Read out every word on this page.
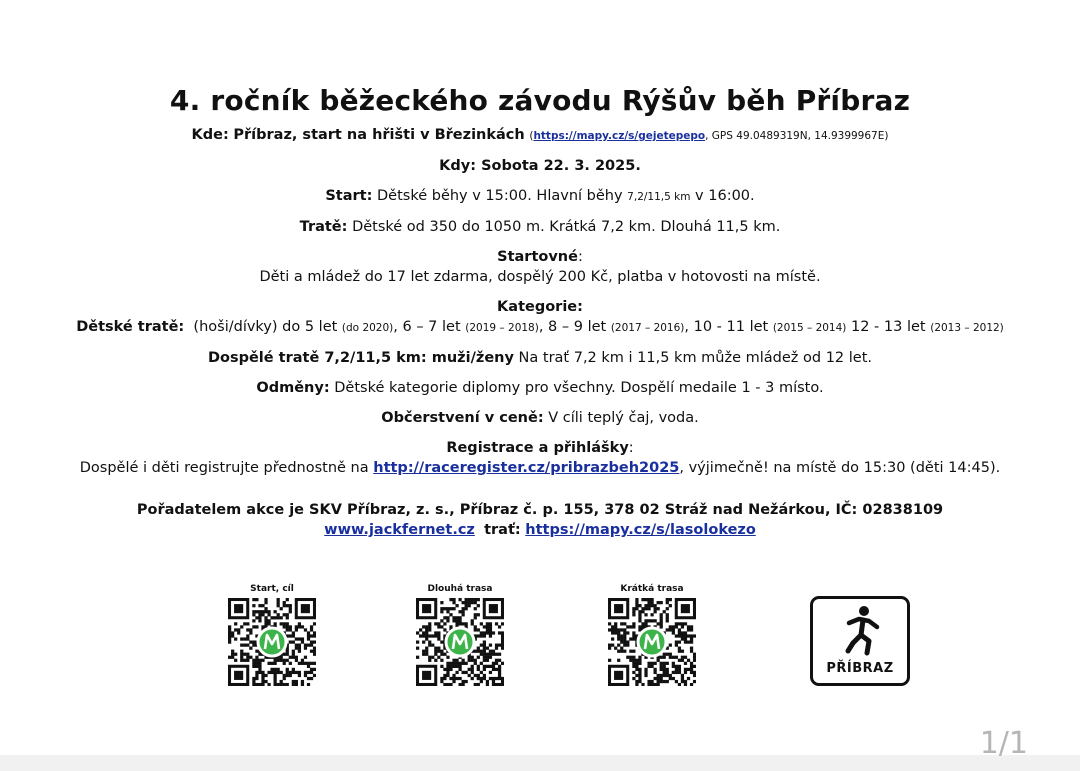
4. ročník běžeckého závodu Rýšův běh Příbraz
Kde: Příbraz, start na hřišti v Březinkách (https://mapy.cz/s/gejetepepo, GPS 49.0489319N, 14.9399967E)
Kdy: Sobota 22. 3. 2025.
Start: Dětské běhy v 15:00. Hlavní běhy 7,2/11,5 km v 16:00.
Tratě: Dětské od 350 do 1050 m. Krátká 7,2 km. Dlouhá 11,5 km.
Startovné:
Děti a mládež do 17 let zdarma, dospělý 200 Kč, platba v hotovosti na místě.
Kategorie:
Dětské tratě: (hoši/dívky) do 5 let (do 2020), 6 – 7 let (2019 – 2018), 8 – 9 let (2017 – 2016), 10 - 11 let (2015 – 2014) 12 - 13 let (2013 – 2012)
Dospělé tratě 7,2/11,5 km: muži/ženy Na trať 7,2 km i 11,5 km může mládež od 12 let.
Odměny: Dětské kategorie diplomy pro všechny. Dospělí medaile 1 - 3 místo.
Občerstvení v ceně: V cíli teplý čaj, voda.
Registrace a přihlášky:
Dospělé i děti registrujte přednostně na http://raceregister.cz/pribrazbeh2025, výjimečně! na místě do 15:30 (děti 14:45).
Pořadatelem akce je SKV Příbraz, z. s., Příbraz č. p. 155, 378 02 Stráž nad Nežárkou, IČ: 02838109
www.jackfernet.cz trať: https://mapy.cz/s/lasolokezo
Start, cíl	Dlouhá trasa	Krátká trasa
PŘÍBRAZ
1/1
